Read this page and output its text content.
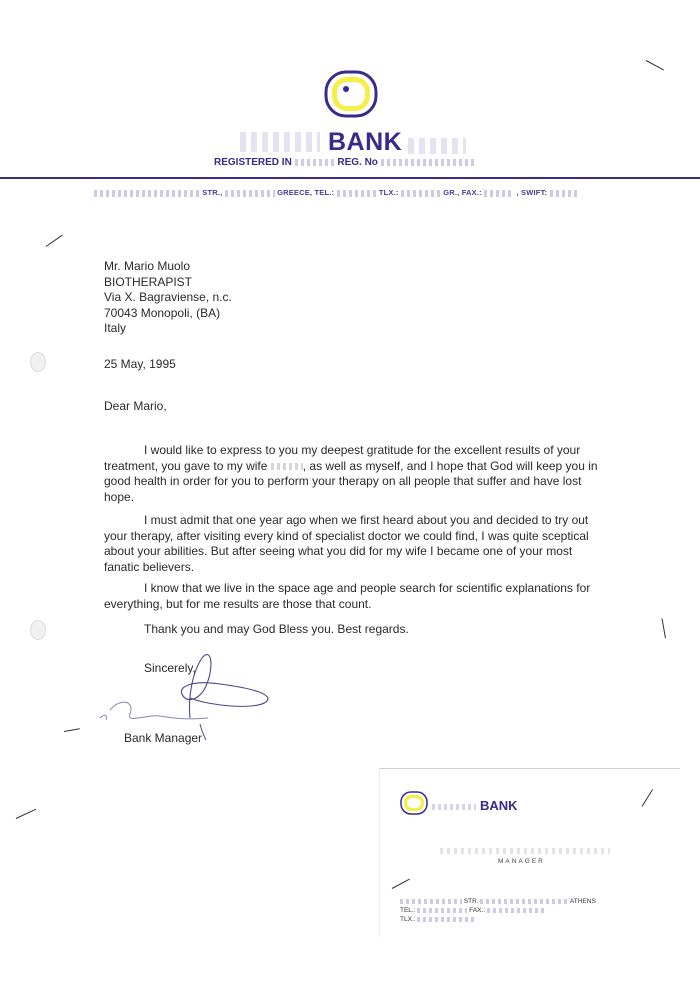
BANK
REGISTERED IN	REG. No
STR.,	GREECE, TEL.:	TLX.:	GR., FAX.:	, SWIFT:
Mr. Mario Muolo
BIOTHERAPIST
Via X. Bagraviense, n.c.
70043 Monopoli, (BA)
Italy
25 May, 1995
Dear Mario,
I would like to express to you my deepest gratitude for the excellent results of your treatment, you gave to my wife	, as well as myself, and I hope that God will keep you in good health in order for you to perform your therapy on all people that suffer and have lost hope.
I must admit that one year ago when we first heard about you and decided to try out your therapy, after visiting every kind of specialist doctor we could find, I was quite sceptical about your abilities. But after seeing what you did for my wife I became one of your most fanatic believers.
I know that we live in the space age and people search for scientific explanations for everything, but for me results are those that count.
Thank you and may God Bless you. Best regards.
Sincerely,
Bank Manager
BANK
MANAGER
STR.	ATHENS
TEL.:	FAX.:
TLX.:
